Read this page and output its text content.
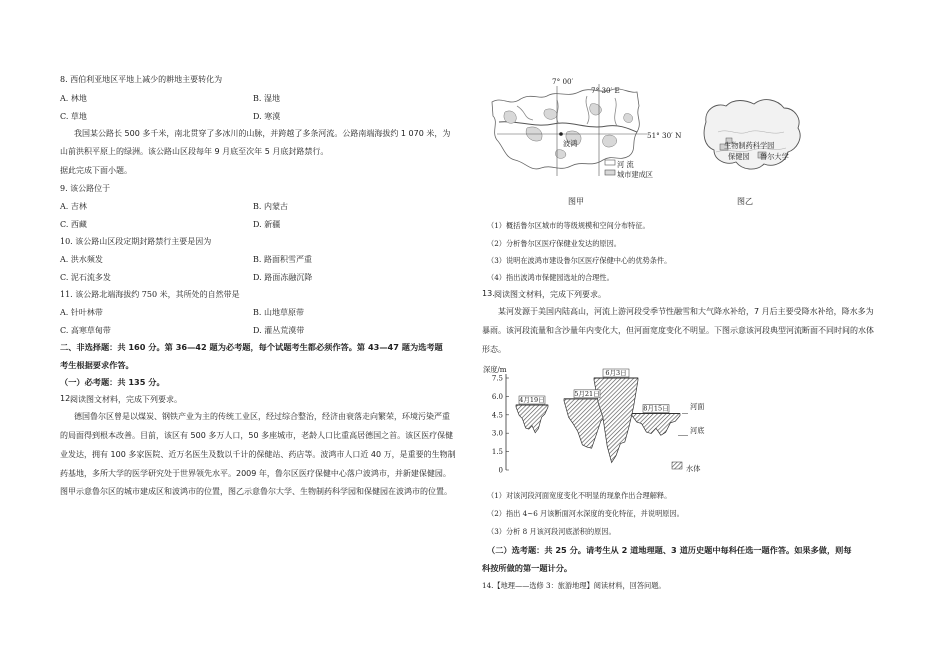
8. 西伯利亚地区平地上减少的耕地主要转化为
A. 林地	B. 湿地
C. 草地	D. 寒漠
我国某公路长 500 多千米，南北贯穿了多冰川的山脉，并跨越了多条河流。公路南端海拔约 1 070 米，为
山前洪积平原上的绿洲。该公路山区段每年 9 月底至次年 5 月底封路禁行。
据此完成下面小题。
9. 该公路位于
A. 吉林	B. 内蒙古
C. 西藏	D. 新疆
10. 该公路山区段定期封路禁行主要是因为
A. 洪水频发	B. 路面积雪严重
C. 泥石流多发	D. 路面冻融沉降
11. 该公路北端海拔约 750 米，其所处的自然带是
A. 针叶林带	B. 山地草原带
C. 高寒草甸带	D. 灌丛荒漠带
二、非选择题：共 160 分。第 36—42 题为必考题，每个试题考生都必须作答。第 43—47 题为选考题
考生根据要求作答。
（一）必考题：共 135 分。
12.
阅读图文材料，完成下列要求。
德国鲁尔区曾是以煤炭、钢铁产业为主的传统工业区，经过综合整治，经济由衰落走向繁荣，环境污染严重
的局面得到根本改善。目前，该区有 500 多万人口，50 多座城市，老龄人口比重高居德国之首。该区医疗保健
业发达，拥有 100 多家医院、近万名医生及数以千计的保健站、药店等。波鸿市人口近 40 万，是重要的生物制
药基地，多所大学的医学研究处于世界领先水平。2009 年，鲁尔区医疗保健中心落户波鸿市，并新建保健园。
图甲示意鲁尔区的城市建成区和波鸿市的位置，图乙示意鲁尔大学、生物制药科学园和保健园在波鸿市的位置。
7° 00′
7° 30′ E
51° 30′ N
波鸿
河 流
城市建成区
图甲
生物制药科学园
保健园 鲁尔大学
图乙
（1）概括鲁尔区城市的等级规模和空间分布特征。
（2）分析鲁尔区医疗保健业发达的原因。
（3）说明在波鸿市建设鲁尔区医疗保健中心的优势条件。
（4）指出波鸿市保健园选址的合理性。
13. 阅读图文材料，完成下列要求。
某河发源于美国内陆高山，河流上游河段受季节性融雪和大气降水补给，7 月后主要受降水补给，降水多为
暴雨。该河段流量和含沙量年内变化大，但河面宽度变化不明显。下图示意该河段典型河流断面不同时间的水体
形态。
7.5
6.0
4.5
3.0
1.5
0
4月19日
5月21日
6月3日
8月15日
深度/m
河面
河底
水体
（1）对该河段河面宽度变化不明显的现象作出合理解释。
（2）指出 4~6 月该断面河水深度的变化特征，并说明原因。
（3）分析 8 月该河段河底淤积的原因。
（二）选考题：共 25 分。请考生从 2 道地理题、3 道历史题中每科任选一题作答。如果多做，则每
科按所做的第一题计分。
14.【地理——选修 3：旅游地理】阅读材料，回答问题。
